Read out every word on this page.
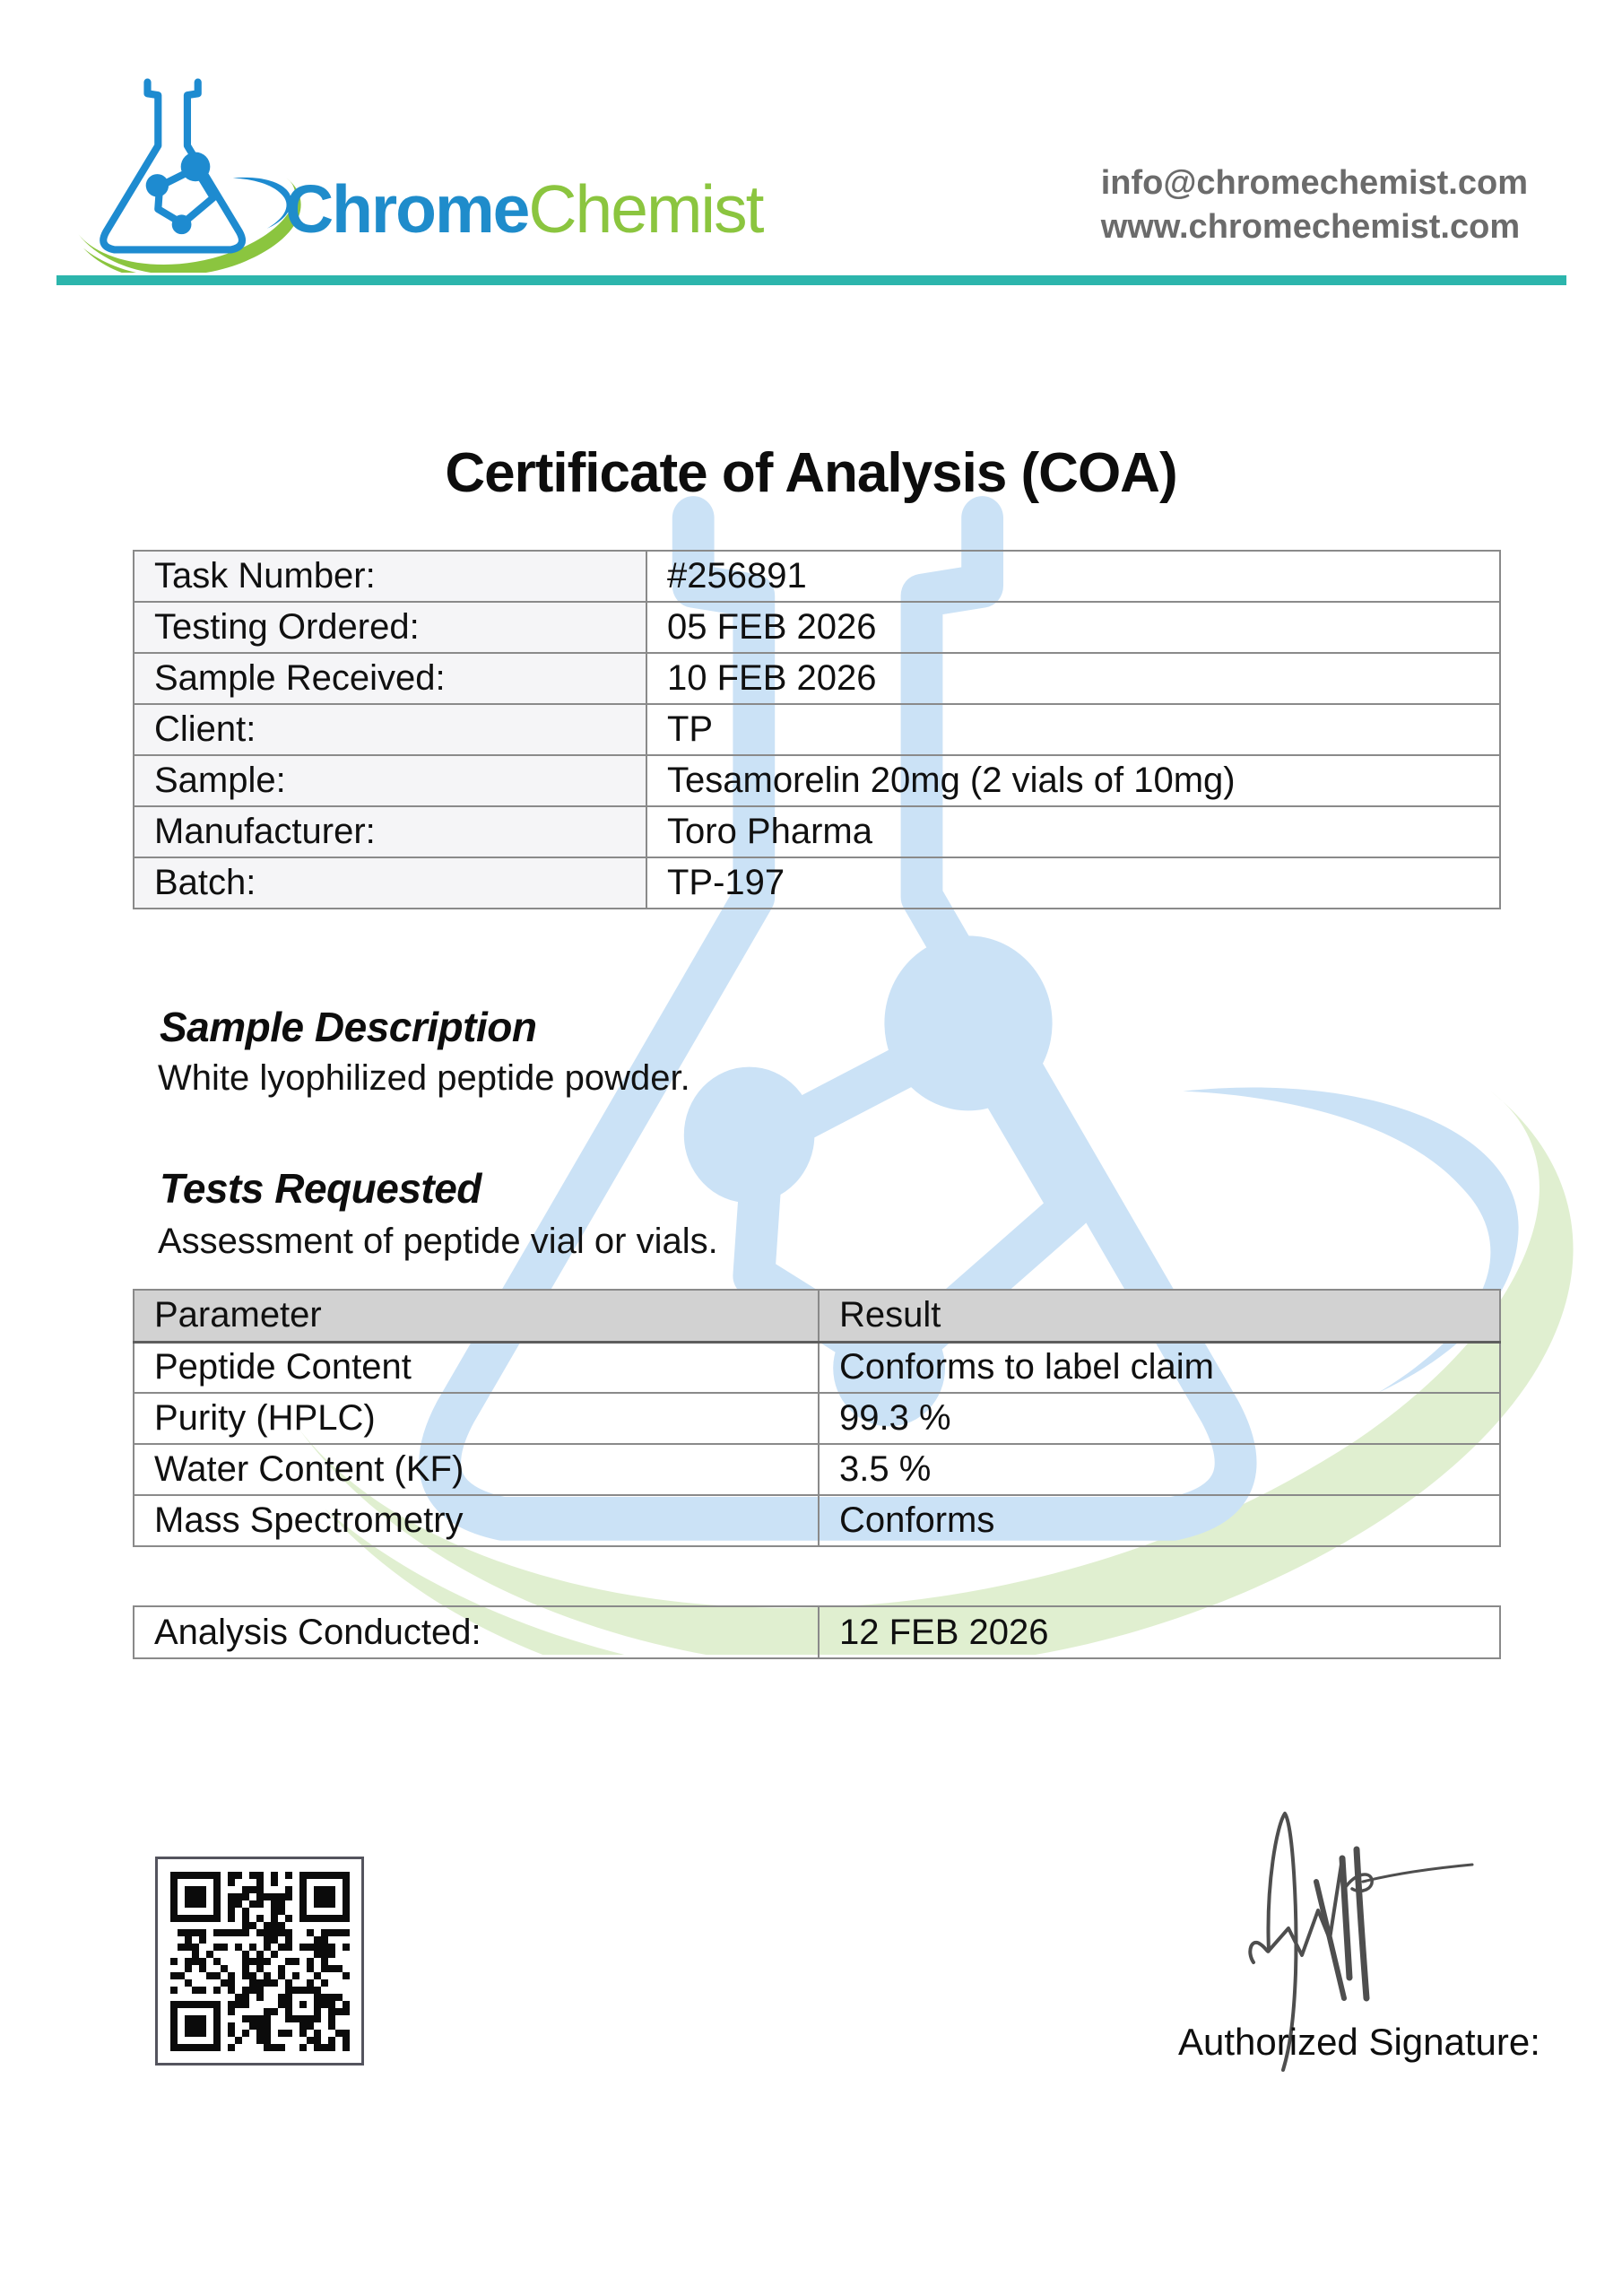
ChromeChemist	info@chromechemist.com
www.chromechemist.com
Certificate of Analysis (COA)
Task Number:	#256891
Testing Ordered:	05 FEB 2026
Sample Received:	10 FEB 2026
Client:	TP
Sample:	Tesamorelin 20mg (2 vials of 10mg)
Manufacturer:	Toro Pharma
Batch:	TP-197
Sample Description
White lyophilized peptide powder.
Tests Requested
Assessment of peptide vial or vials.
Parameter	Result
Peptide Content	Conforms to label claim
Purity (HPLC)	99.3 %
Water Content (KF)	3.5 %
Mass Spectrometry	Conforms
Analysis Conducted:	12 FEB 2026
Authorized Signature:
